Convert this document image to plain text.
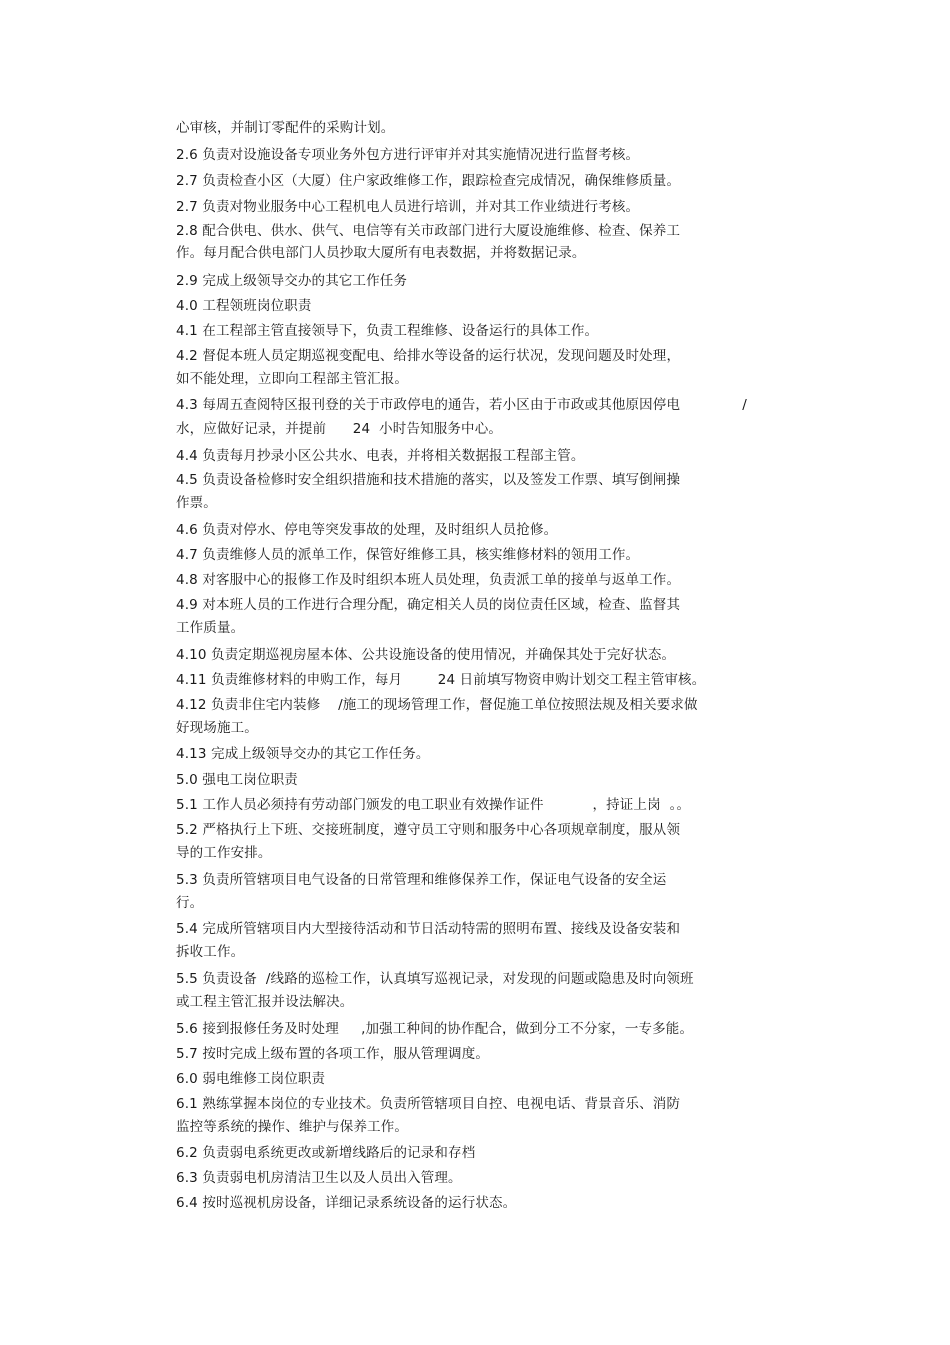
心审核，并制订零配件的采购计划。
2.6 负责对设施设备专项业务外包方进行评审并对其实施情况进行监督考核。
2.7 负责检查小区（大厦）住户家政维修工作，跟踪检查完成情况，确保维修质量。
2.7 负责对物业服务中心工程机电人员进行培训，并对其工作业绩进行考核。
2.8 配合供电、供水、供气、电信等有关市政部门进行大厦设施维修、检查、保养工
作。每月配合供电部门人员抄取大厦所有电表数据，并将数据记录。
2.9 完成上级领导交办的其它工作任务
4.0 工程领班岗位职责
4.1 在工程部主管直接领导下，负责工程维修、设备运行的具体工作。
4.2 督促本班人员定期巡视变配电、给排水等设备的运行状况，发现问题及时处理，
如不能处理，立即向工程部主管汇报。
4.3 每周五查阅特区报刊登的关于市政停电的通告，若小区由于市政或其他原因停电              /
水，应做好记录，并提前      24  小时告知服务中心。
4.4 负责每月抄录小区公共水、电表，并将相关数据报工程部主管。
4.5 负责设备检修时安全组织措施和技术措施的落实，以及签发工作票、填写倒闸操
作票。
4.6 负责对停水、停电等突发事故的处理，及时组织人员抢修。
4.7 负责维修人员的派单工作，保管好维修工具，核实维修材料的领用工作。
4.8 对客服中心的报修工作及时组织本班人员处理，负责派工单的接单与返单工作。
4.9 对本班人员的工作进行合理分配，确定相关人员的岗位责任区域，检查、监督其
工作质量。
4.10 负责定期巡视房屋本体、公共设施设备的使用情况，并确保其处于完好状态。
4.11 负责维修材料的申购工作，每月        24 日前填写物资申购计划交工程主管审核。
4.12 负责非住宅内装修    /施工的现场管理工作，督促施工单位按照法规及相关要求做
好现场施工。
4.13 完成上级领导交办的其它工作任务。
5.0 强电工岗位职责
5.1 工作人员必须持有劳动部门颁发的电工职业有效操作证件           ，持证上岗  。。
5.2 严格执行上下班、交接班制度，遵守员工守则和服务中心各项规章制度，服从领
导的工作安排。
5.3 负责所管辖项目电气设备的日常管理和维修保养工作，保证电气设备的安全运
行。
5.4 完成所管辖项目内大型接待活动和节日活动特需的照明布置、接线及设备安装和
拆收工作。
5.5 负责设备  /线路的巡检工作，认真填写巡视记录，对发现的问题或隐患及时向领班
或工程主管汇报并设法解决。
5.6 接到报修任务及时处理     ,加强工种间的协作配合，做到分工不分家，一专多能。
5.7 按时完成上级布置的各项工作，服从管理调度。
6.0 弱电维修工岗位职责
6.1 熟练掌握本岗位的专业技术。负责所管辖项目自控、电视电话、背景音乐、消防
监控等系统的操作、维护与保养工作。
6.2 负责弱电系统更改或新增线路后的记录和存档
6.3 负责弱电机房清洁卫生以及人员出入管理。
6.4 按时巡视机房设备，详细记录系统设备的运行状态。
